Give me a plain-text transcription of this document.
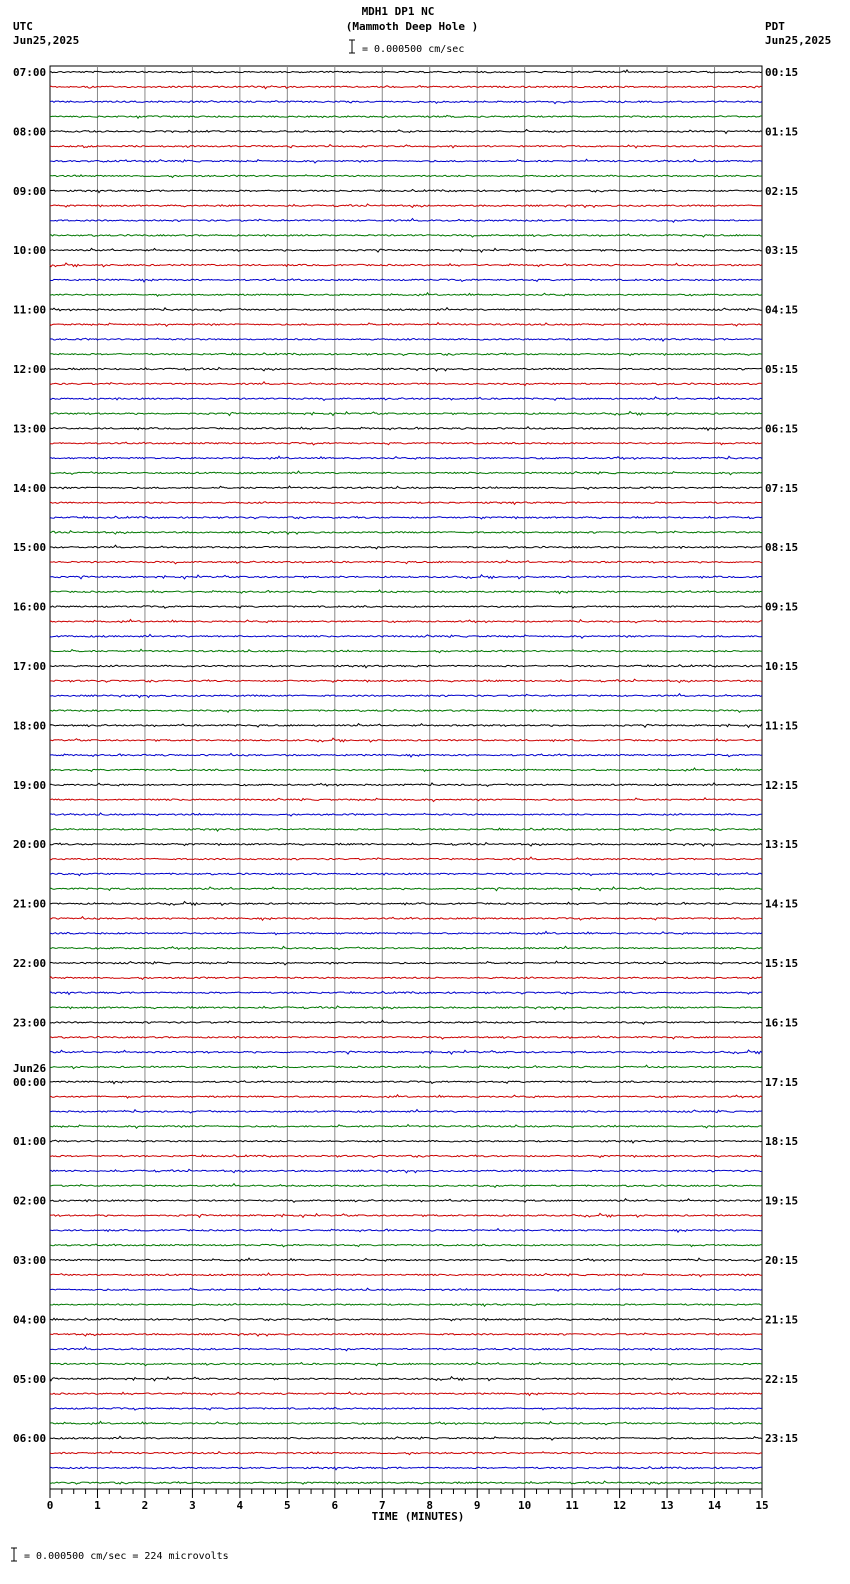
MDH1 DP1 NC
(Mammoth Deep Hole )
= 0.000500 cm/sec
UTC
Jun25,2025
PDT
Jun25,2025
07:00
08:00
09:00
10:00
11:00
12:00
13:00
14:00
15:00
16:00
17:00
18:00
19:00
20:00
21:00
22:00
23:00
00:00
Jun26
01:00
02:00
03:00
04:00
05:00
06:00
00:15
01:15
02:15
03:15
04:15
05:15
06:15
07:15
08:15
09:15
10:15
11:15
12:15
13:15
14:15
15:15
16:15
17:15
18:15
19:15
20:15
21:15
22:15
23:15
0	1	2	3	4	5	6	7	8	9	10	11	12	13	14	15
TIME (MINUTES)
= 0.000500 cm/sec = 224 microvolts
